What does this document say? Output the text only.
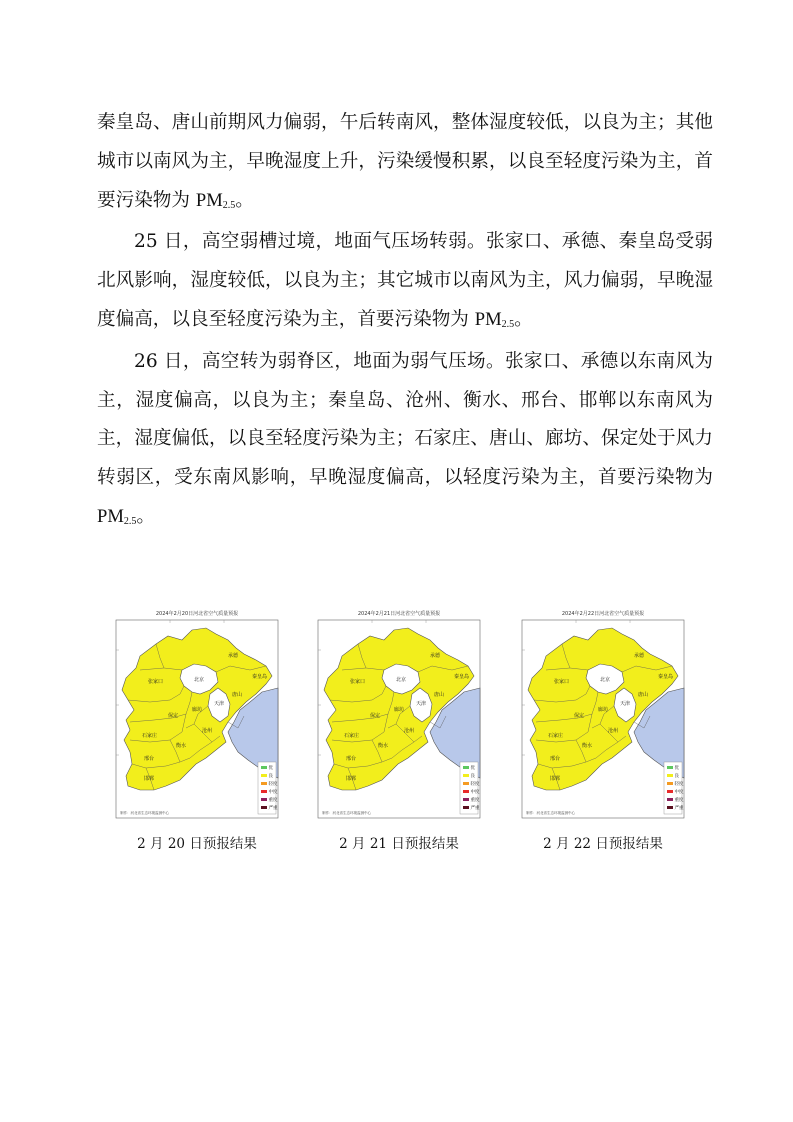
秦皇岛、唐山前期风力偏弱，午后转南风，整体湿度较低，以良为主；其他城市以南风为主，早晚湿度上升，污染缓慢积累，以良至轻度污染为主，首要污染物为 $PM_{2.5}$。

25 日，高空弱槽过境，地面气压场转弱。张家口、承德、秦皇岛受弱北风影响，湿度较低，以良为主；其它城市以南风为主，风力偏弱，早晚湿度偏高，以良至轻度污染为主，首要污染物为 $PM_{2.5}$。

26 日，高空转为弱脊区，地面为弱气压场。张家口、承德以东南风为主，湿度偏高，以良为主；秦皇岛、沧州、衡水、邢台、邯郸以东南风为主，湿度偏低，以良至轻度污染为主；石家庄、唐山、廊坊、保定处于风力转弱区，受东南风影响，早晚湿度偏高，以轻度污染为主，首要污染物为 $PM_{2.5}$。

2024年2月20日河北省空气质量预报
张家口
承德
北京
天津
唐山
秦皇岛
保定
廊坊
石家庄
衡水
沧州
邢台
邯郸
优
良
轻度
中度
重度
严重
制作：河北省生态环境监测中心
2 月 20 日预报结果
2024年2月21日河北省空气质量预报
张家口
承德
北京
天津
唐山
秦皇岛
保定
廊坊
石家庄
衡水
沧州
邢台
邯郸
优
良
轻度
中度
重度
严重
制作：河北省生态环境监测中心
2 月 21 日预报结果
2024年2月22日河北省空气质量预报
张家口
承德
北京
天津
唐山
秦皇岛
保定
廊坊
石家庄
衡水
沧州
邢台
邯郸
优
良
轻度
中度
重度
严重
制作：河北省生态环境监测中心
2 月 22 日预报结果
